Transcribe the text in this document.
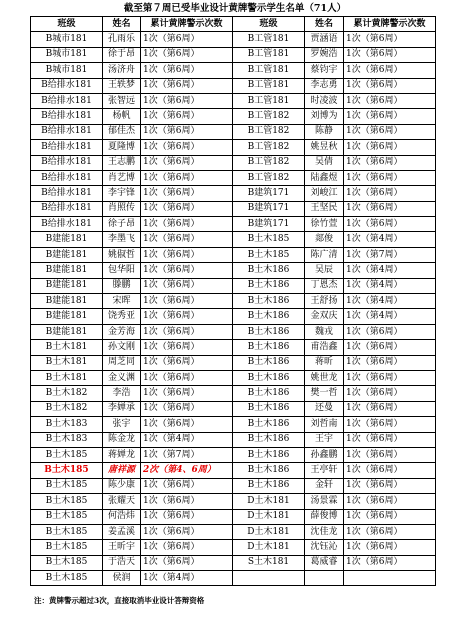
截至第７周已受毕业设计黄牌警示学生名单（71人）
班级	姓名	累计黄牌警示次数	班级	姓名	累计黄牌警示次数
B城市181	孔雨乐	1次（第6周）	B工管181	贾涵语	1次（第6周）
B城市181	徐于昂	1次（第6周）	B工管181	罗婉浩	1次（第6周）
B城市181	汤济舟	1次（第6周）	B工管181	蔡钧宇	1次（第6周）
B给排水181	王轶梦	1次（第6周）	B工管181	李志勇	1次（第6周）
B给排水181	张智远	1次（第6周）	B工管181	时凌波	1次（第6周）
B给排水181	杨帆	1次（第6周）	B工管182	刘博为	1次（第6周）
B给排水181	郁佳杰	1次（第6周）	B工管182	陈静	1次（第6周）
B给排水181	夏隆博	1次（第6周）	B工管182	姚昱秋	1次（第6周）
B给排水181	王志鹏	1次（第6周）	B工管182	吴倩	1次（第6周）
B给排水181	肖艺博	1次（第6周）	B工管182	陆鑫煜	1次（第6周）
B给排水181	李宇锋	1次（第6周）	B建筑171	刘峻江	1次（第6周）
B给排水181	肖照传	1次（第6周）	B建筑171	王坚民	1次（第6周）
B给排水181	徐子昂	1次（第6周）	B建筑171	徐竹萱	1次（第6周）
B建能181	李墨飞	1次（第6周）	B土木185	郯俊	1次（第4周）
B建能181	姚俶哲	1次（第6周）	B土木185	陈广清	1次（第7周）
B建能181	包华阳	1次（第6周）	B土木186	吴辰	1次（第4周）
B建能181	滕鹏	1次（第6周）	B土木186	丁恩杰	1次（第4周）
B建能181	宋晖	1次（第6周）	B土木186	王舒扬	1次（第4周）
B建能181	饶秀亚	1次（第6周）	B土木186	金双庆	1次（第4周）
B建能181	金芳海	1次（第6周）	B土木186	魏戎	1次（第6周）
B土木181	孙文刚	1次（第6周）	B土木186	甫浩鑫	1次（第6周）
B土木181	周芝同	1次（第6周）	B土木186	蒋昕	1次（第6周）
B土木181	金义渊	1次（第6周）	B土木186	姚世龙	1次（第6周）
B土木182	李浩	1次（第6周）	B土木186	樊一哲	1次（第6周）
B土木182	李婵承	1次（第6周）	B土木186	还曼	1次（第6周）
B土木183	张宇	1次（第6周）	B土木186	刘哲南	1次（第6周）
B土木183	陈金龙	1次（第4周）	B土木186	王宇	1次（第6周）
B土木185	蒋婵龙	1次（第7周）	B土木186	孙鑫鹏	1次（第6周）
B土木185	唐祥源	2次（第4、6周）	B土木186	王亭轩	1次（第6周）
B土木185	陈少康	1次（第6周）	B土木186	金轩	1次（第6周）
B土木185	张耀天	1次（第6周）	D土木181	汤景霖	1次（第6周）
B土木185	何浩炜	1次（第6周）	D土木181	薛俊博	1次（第6周）
B土木185	姜孟溪	1次（第6周）	D土木181	沈佳龙	1次（第6周）
B土木185	王昕宇	1次（第6周）	D土木181	沈钰沁	1次（第6周）
B土木185	于浩天	1次（第6周）	S土木181	葛威睿	1次（第6周）
B土木185	侯润	1次（第4周）			
注：黄牌警示超过3次，直接取消毕业设计答辩资格
